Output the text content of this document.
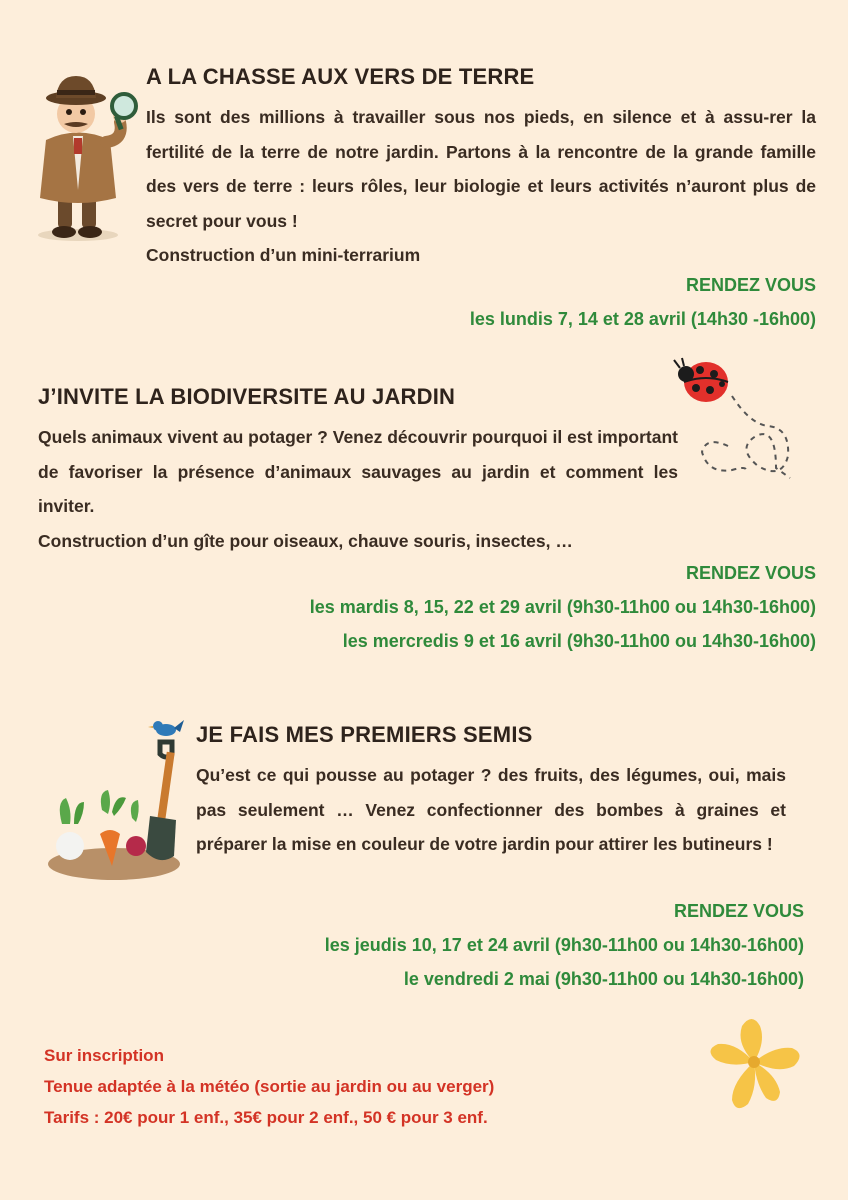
A LA CHASSE AUX VERS DE TERRE

Ils sont des millions à travailler sous nos pieds, en silence et à assu-rer la fertilité de la terre de notre jardin. Partons à la rencontre de la grande famille des vers de terre : leurs rôles, leur biologie et leurs activités n’auront plus de secret pour vous !

Construction d’un mini-terrarium

RENDEZ VOUS
les lundis 7, 14 et 28 avril (14h30 -16h00)
J’INVITE LA BIODIVERSITE AU JARDIN

Quels animaux vivent au potager ? Venez découvrir pourquoi il est important de favoriser la présence d’animaux sauvages au jardin et comment les inviter.

Construction d’un gîte pour oiseaux, chauve souris, insectes, …

RENDEZ VOUS
les mardis 8, 15, 22 et 29 avril (9h30-11h00 ou 14h30-16h00)
les mercredis 9 et 16 avril (9h30-11h00 ou 14h30-16h00)
JE FAIS MES PREMIERS SEMIS

Qu’est ce qui pousse au potager ? des fruits, des légumes, oui, mais pas seulement … Venez confectionner des bombes à graines et préparer la mise en couleur de votre jardin pour attirer les butineurs !

RENDEZ VOUS
les jeudis 10, 17 et 24 avril (9h30-11h00 ou 14h30-16h00)
le vendredi 2 mai (9h30-11h00 ou 14h30-16h00)

Sur inscription

Tenue adaptée à la météo (sortie au jardin ou au verger)

Tarifs : 20€ pour 1 enf., 35€ pour 2 enf., 50 € pour 3 enf.
